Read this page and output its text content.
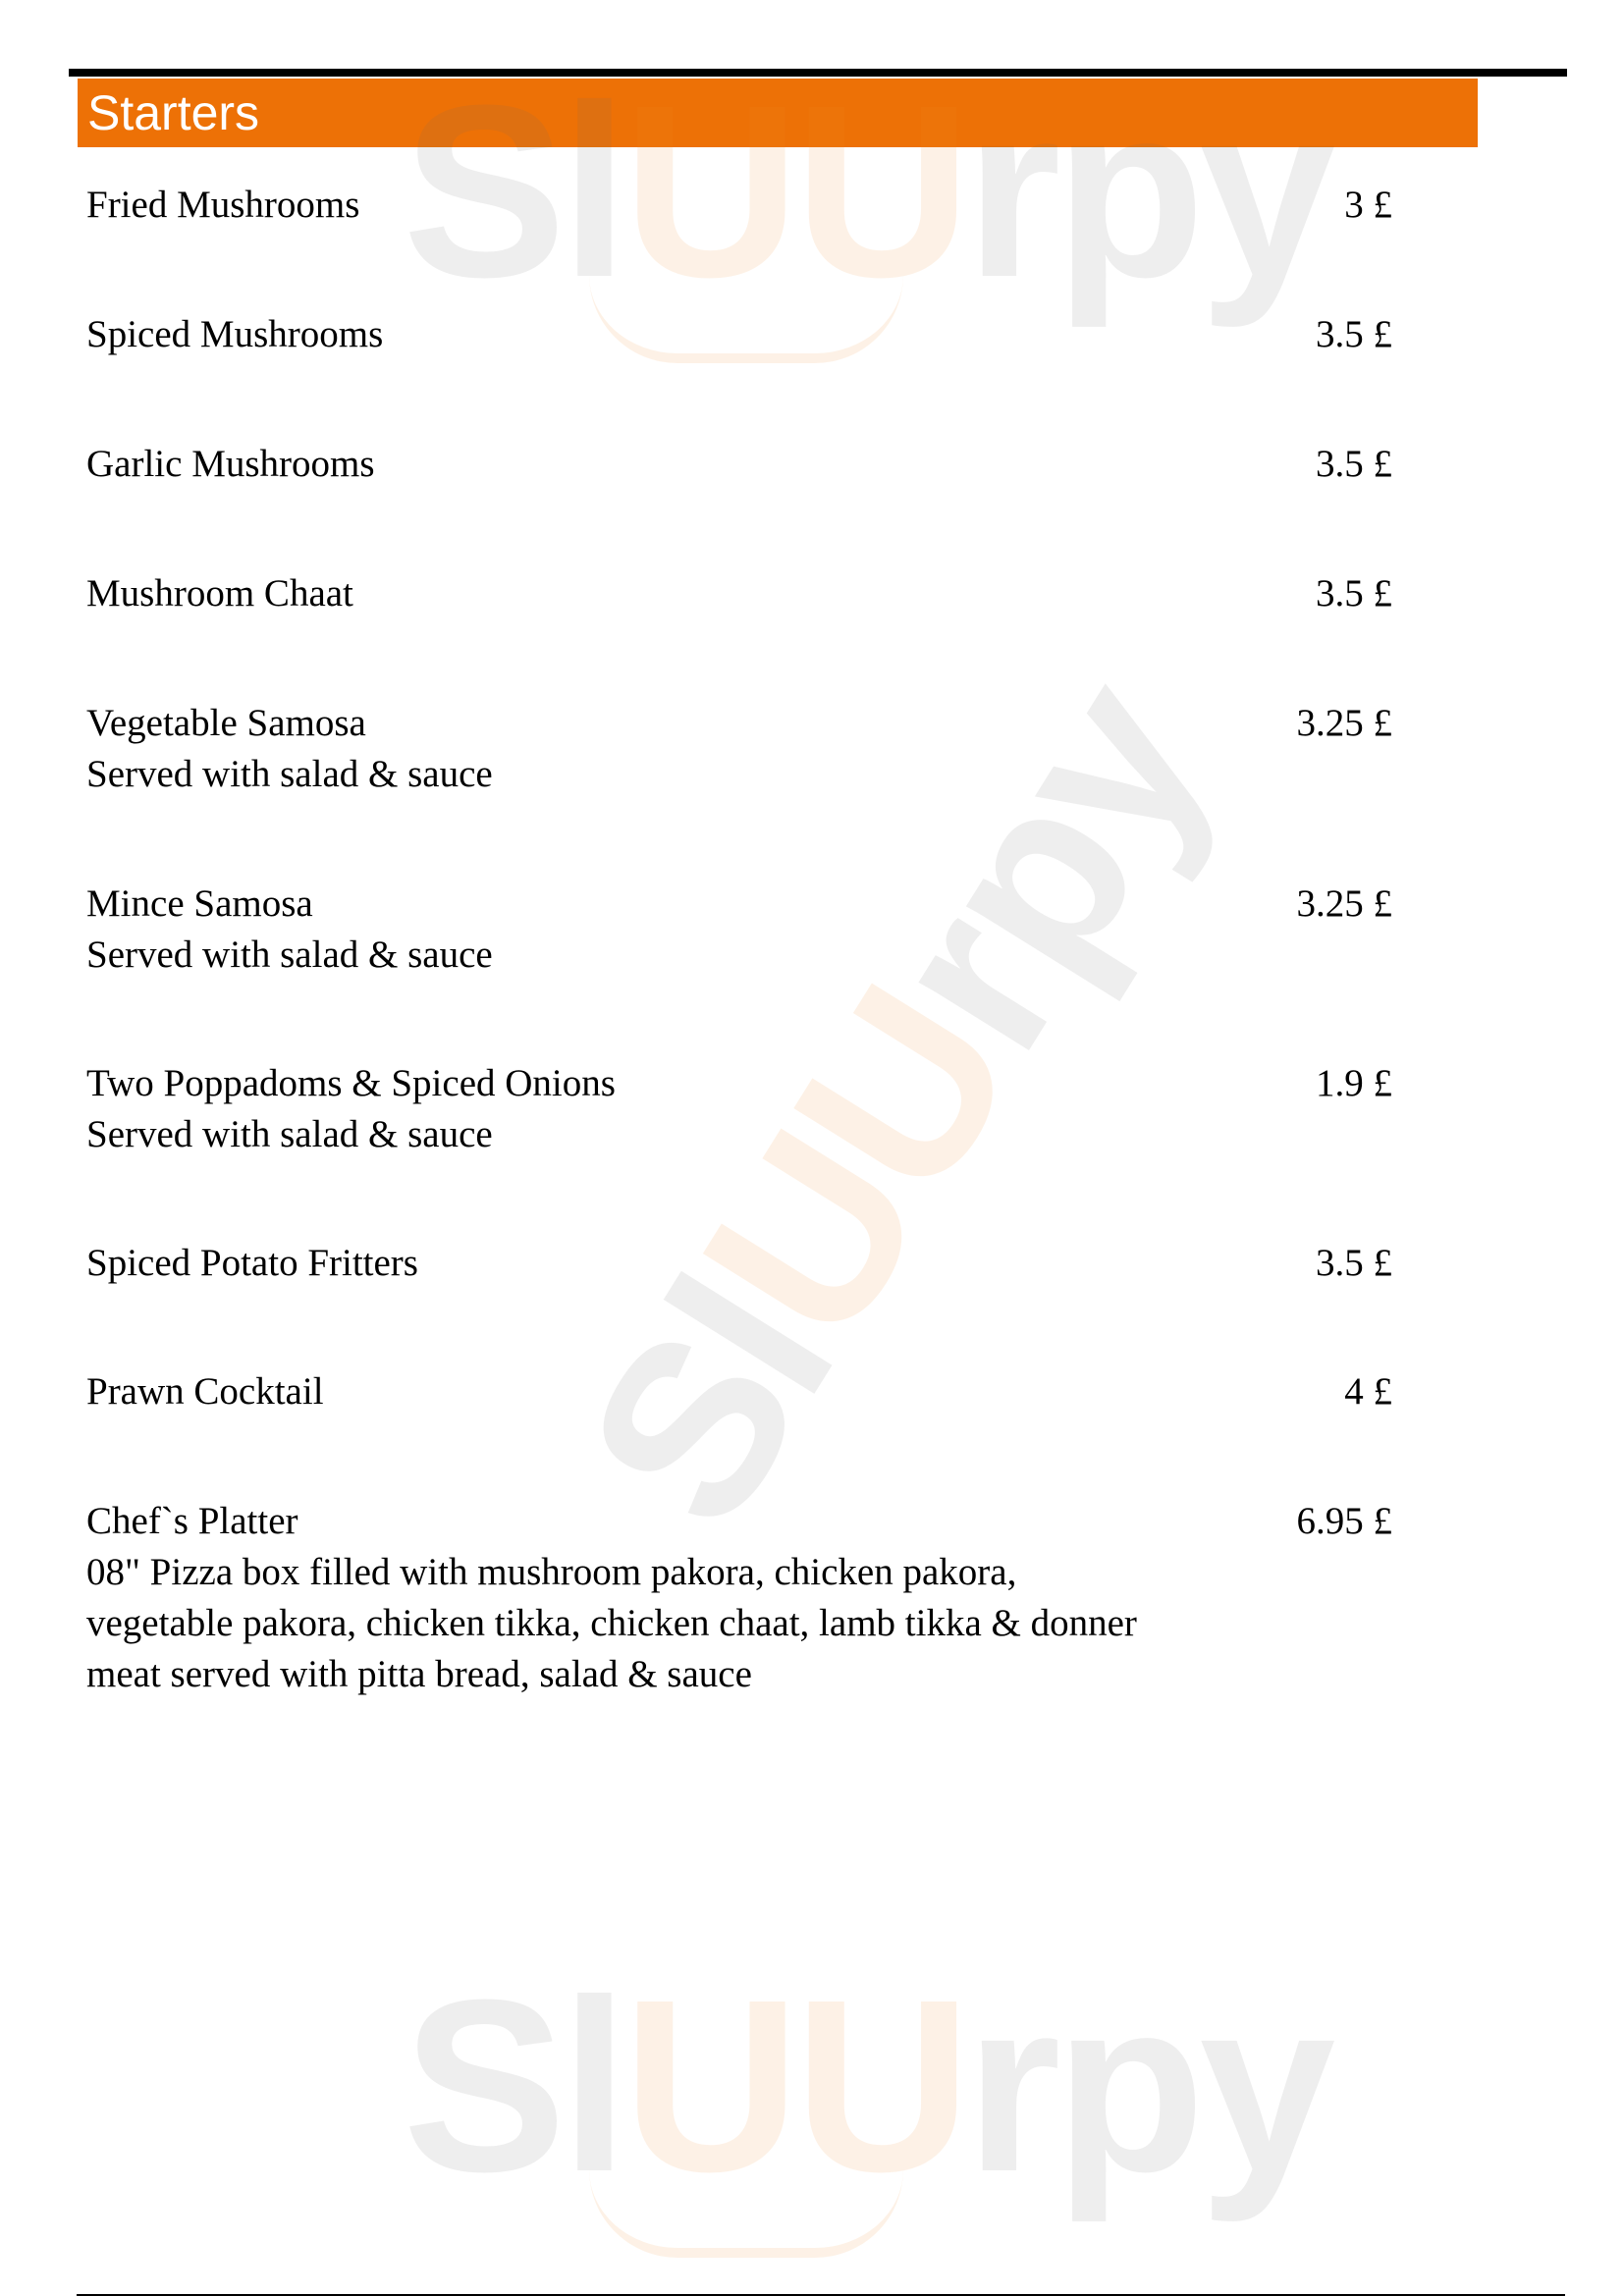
Starters
Fried Mushrooms	3 £
Spiced Mushrooms	3.5 £
Garlic Mushrooms	3.5 £
Mushroom Chaat	3.5 £
Vegetable Samosa	3.25 £
Served with salad & sauce
Mince Samosa	3.25 £
Served with salad & sauce
Two Poppadoms & Spiced Onions	1.9 £
Served with salad & sauce
Spiced Potato Fritters	3.5 £
Prawn Cocktail	4 £
Chef`s Platter	6.95 £
08" Pizza box filled with mushroom pakora, chicken pakora,
vegetable pakora, chicken tikka, chicken chaat, lamb tikka & donner
meat served with pitta bread, salad & sauce
SlUUrpy
SlUUrpy
SlUUrpy
